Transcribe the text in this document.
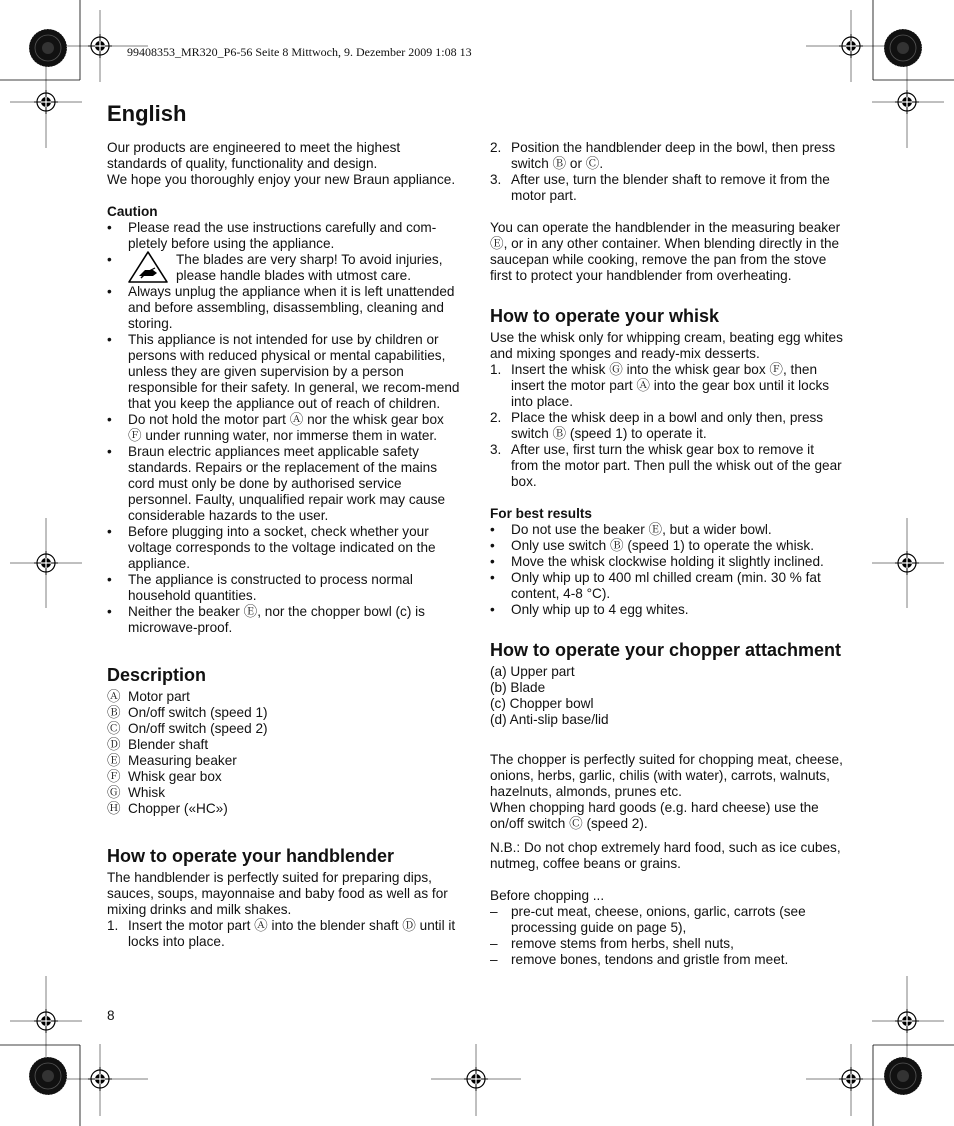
99408353_MR320_P6-56 Seite 8 Mittwoch, 9. Dezember 2009 1:08 13
English

Our products are engineered to meet the highest standards of quality, functionality and design.

We hope you thoroughly enjoy your new Braun appliance.

Caution

• Please read the use instructions carefully and com-pletely before using the appliance.
•	The blades are very sharp! To avoid injuries, please handle blades with utmost care.
• Always unplug the appliance when it is left unattended and before assembling, disassembling, cleaning and storing.
• This appliance is not intended for use by children or persons with reduced physical or mental capabilities, unless they are given supervision by a person responsible for their safety. In general, we recom-mend that you keep the appliance out of reach of children.
• Do not hold the motor part Ⓐ nor the whisk gear box Ⓕ under running water, nor immerse them in water.
• Braun electric appliances meet applicable safety standards. Repairs or the replacement of the mains cord must only be done by authorised service personnel. Faulty, unqualified repair work may cause considerable hazards to the user.
• Before plugging into a socket, check whether your voltage corresponds to the voltage indicated on the appliance.
• The appliance is constructed to process normal household quantities.
• Neither the beaker Ⓔ, nor the chopper bowl (c) is microwave-proof.
Description
Ⓐ Motor part
Ⓑ On/off switch (speed 1)
Ⓒ On/off switch (speed 2)
Ⓓ Blender shaft
Ⓔ Measuring beaker
Ⓕ Whisk gear box
Ⓖ Whisk
Ⓗ Chopper («HC»)
How to operate your handblender

The handblender is perfectly suited for preparing dips, sauces, soups, mayonnaise and baby food as well as for mixing drinks and milk shakes.

1. Insert the motor part Ⓐ into the blender shaft Ⓓ until it locks into place.
8
2. Position the handblender deep in the bowl, then press switch Ⓑ or Ⓒ.
3. After use, turn the blender shaft to remove it from the motor part.

You can operate the handblender in the measuring beaker Ⓔ, or in any other container. When blending directly in the saucepan while cooking, remove the pan from the stove first to protect your handblender from overheating.

How to operate your whisk

Use the whisk only for whipping cream, beating egg whites and mixing sponges and ready-mix desserts.

1. Insert the whisk Ⓖ into the whisk gear box Ⓕ, then insert the motor part Ⓐ into the gear box until it locks into place.
2. Place the whisk deep in a bowl and only then, press switch Ⓑ (speed 1) to operate it.
3. After use, first turn the whisk gear box to remove it from the motor part. Then pull the whisk out of the gear box.

For best results

• Do not use the beaker Ⓔ, but a wider bowl.
• Only use switch Ⓑ (speed 1) to operate the whisk.
• Move the whisk clockwise holding it slightly inclined.
• Only whip up to 400 ml chilled cream (min. 30 % fat content, 4-8 °C).
• Only whip up to 4 egg whites.
How to operate your chopper attachment

(a) Upper part

(b) Blade

(c) Chopper bowl

(d) Anti-slip base/lid

The chopper is perfectly suited for chopping meat, cheese, onions, herbs, garlic, chilis (with water), carrots, walnuts, hazelnuts, almonds, prunes etc.

When chopping hard goods (e.g. hard cheese) use the on/off switch Ⓒ (speed 2).

N.B.: Do not chop extremely hard food, such as ice cubes, nutmeg, coffee beans or grains.

Before chopping ...

– pre-cut meat, cheese, onions, garlic, carrots (see processing guide on page 5),
– remove stems from herbs, shell nuts,
– remove bones, tendons and gristle from meet.
